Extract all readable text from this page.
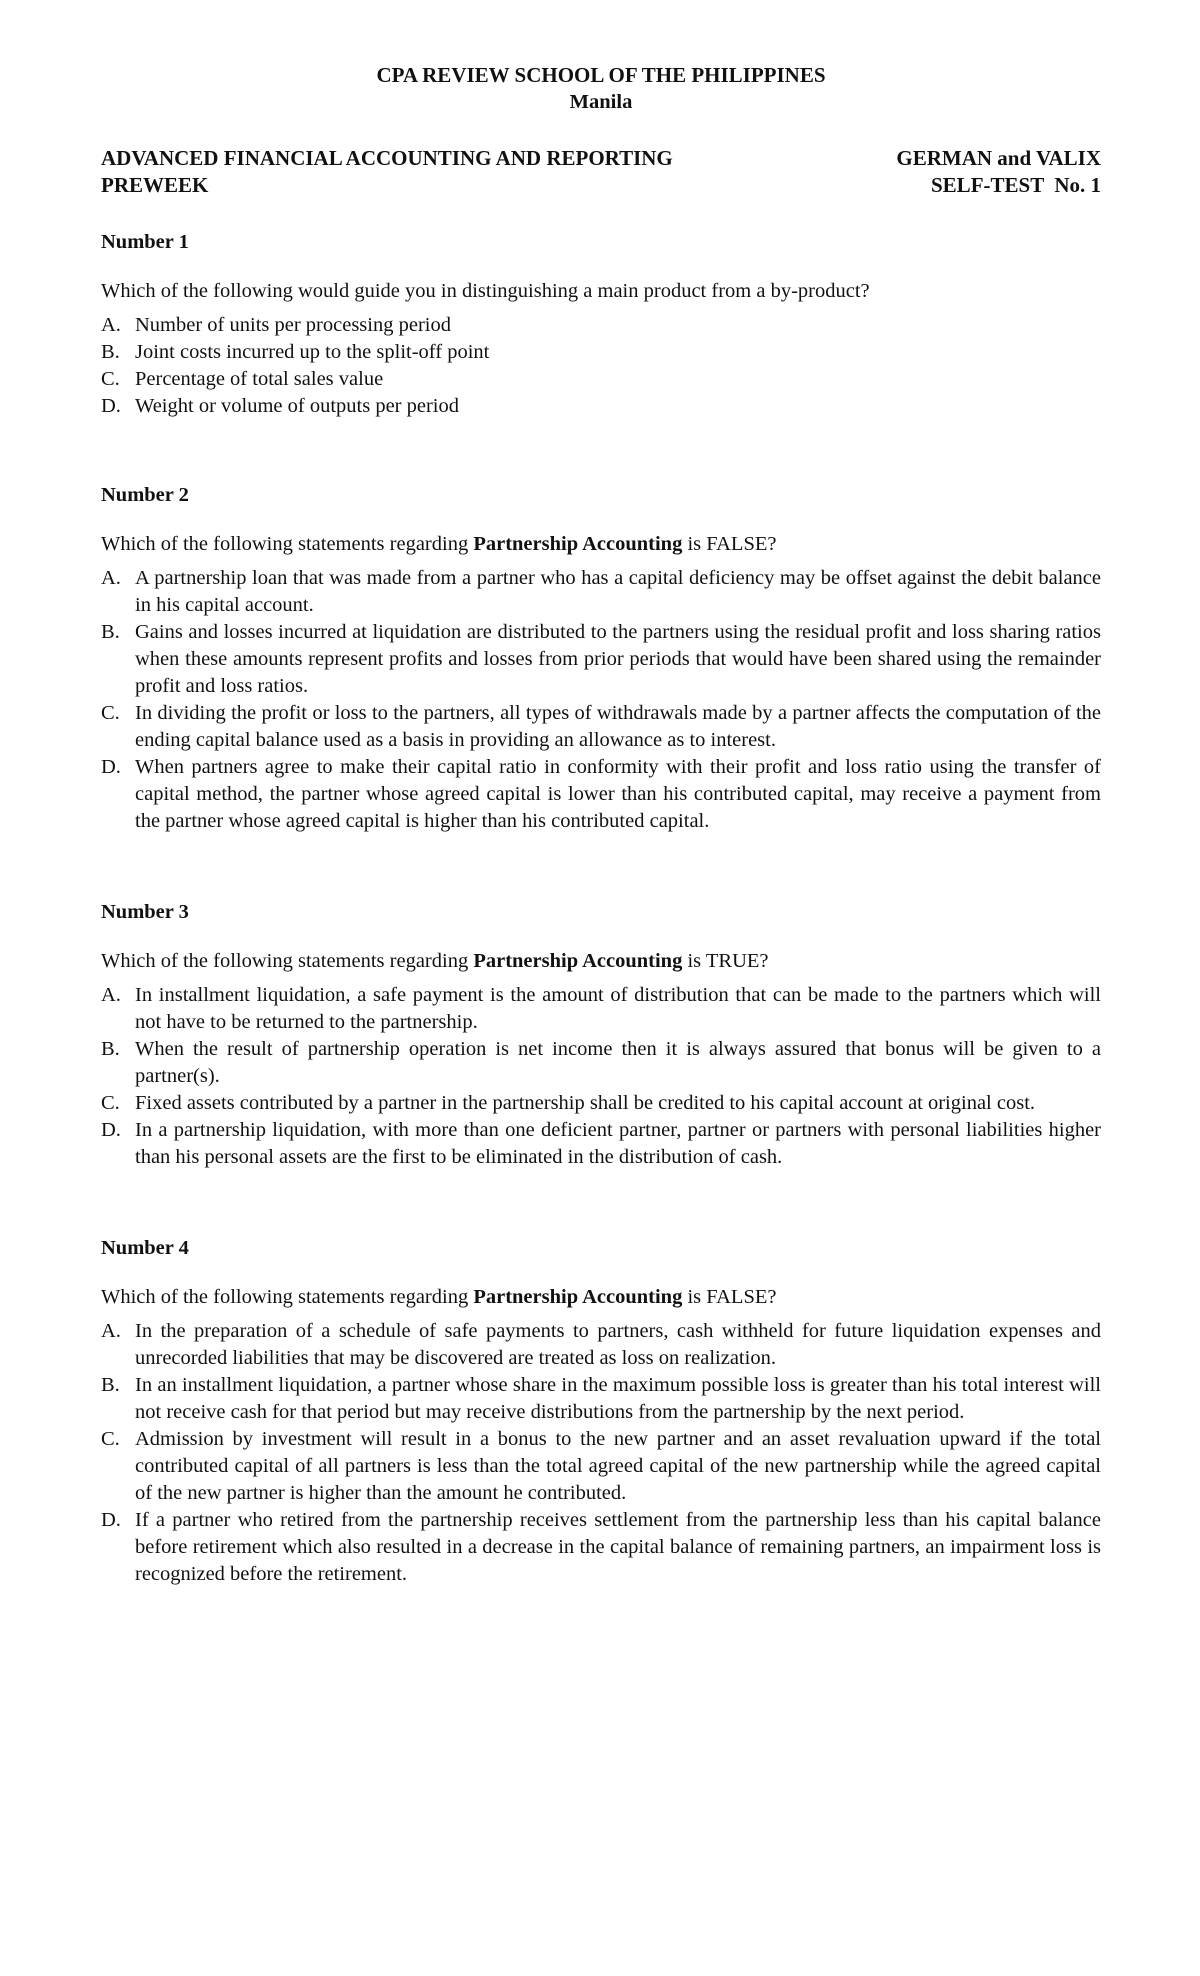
CPA REVIEW SCHOOL OF THE PHILIPPINES
Manila
ADVANCED FINANCIAL ACCOUNTING AND REPORTING
PREWEEK
GERMAN and VALIX
SELF-TEST  No. 1
Number 1
Which of the following would guide you in distinguishing a main product from a by-product?
A. Number of units per processing period
B. Joint costs incurred up to the split-off point
C. Percentage of total sales value
D. Weight or volume of outputs per period
Number 2
Which of the following statements regarding Partnership Accounting is FALSE?
A. A partnership loan that was made from a partner who has a capital deficiency may be offset against the debit balance in his capital account.
B. Gains and losses incurred at liquidation are distributed to the partners using the residual profit and loss sharing ratios when these amounts represent profits and losses from prior periods that would have been shared using the remainder profit and loss ratios.
C. In dividing the profit or loss to the partners, all types of withdrawals made by a partner affects the computation of the ending capital balance used as a basis in providing an allowance as to interest.
D. When partners agree to make their capital ratio in conformity with their profit and loss ratio using the transfer of capital method, the partner whose agreed capital is lower than his contributed capital, may receive a payment from the partner whose agreed capital is higher than his contributed capital.
Number 3
Which of the following statements regarding Partnership Accounting is TRUE?
A. In installment liquidation, a safe payment is the amount of distribution that can be made to the partners which will not have to be returned to the partnership.
B. When the result of partnership operation is net income then it is always assured that bonus will be given to a partner(s).
C. Fixed assets contributed by a partner in the partnership shall be credited to his capital account at original cost.
D. In a partnership liquidation, with more than one deficient partner, partner or partners with personal liabilities higher than his personal assets are the first to be eliminated in the distribution of cash.
Number 4
Which of the following statements regarding Partnership Accounting is FALSE?
A. In the preparation of a schedule of safe payments to partners, cash withheld for future liquidation expenses and unrecorded liabilities that may be discovered are treated as loss on realization.
B. In an installment liquidation, a partner whose share in the maximum possible loss is greater than his total interest will not receive cash for that period but may receive distributions from the partnership by the next period.
C. Admission by investment will result in a bonus to the new partner and an asset revaluation upward if the total contributed capital of all partners is less than the total agreed capital of the new partnership while the agreed capital of the new partner is higher than the amount he contributed.
D. If a partner who retired from the partnership receives settlement from the partnership less than his capital balance before retirement which also resulted in a decrease in the capital balance of remaining partners, an impairment loss is recognized before the retirement.
